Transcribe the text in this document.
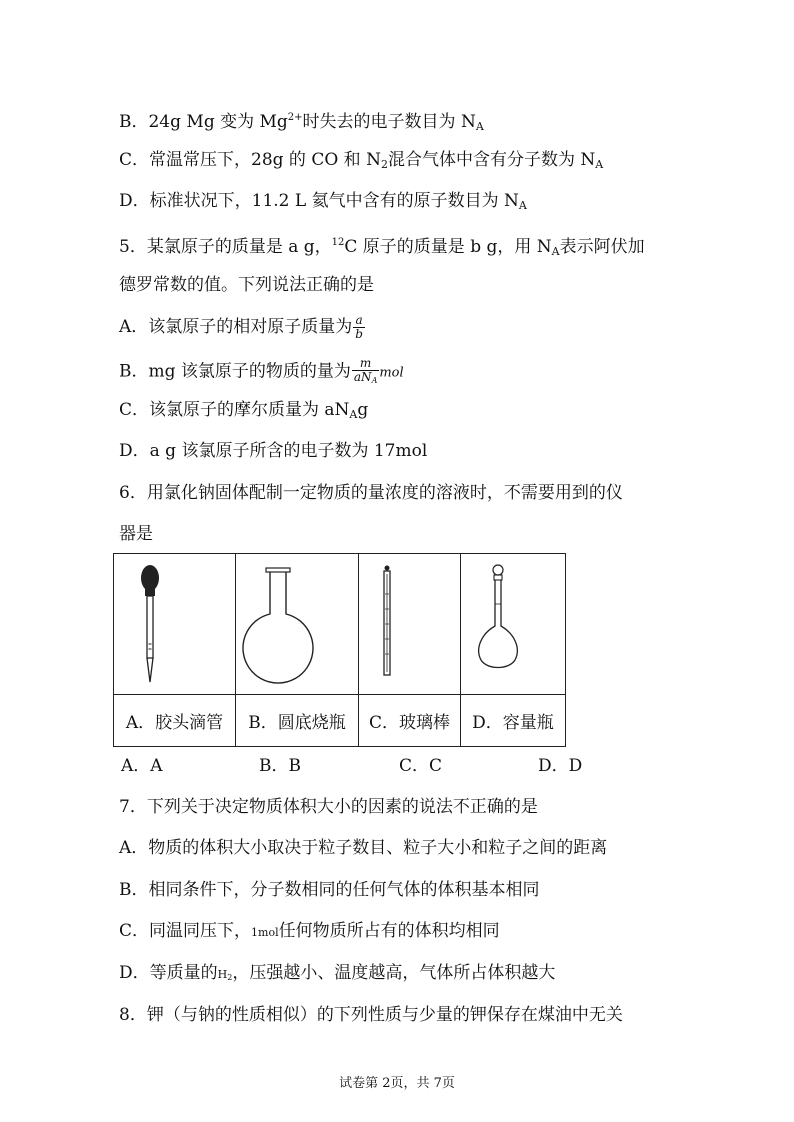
B．24g Mg 变为 $Mg^{2+}$时失去的电子数目为 $N_A$
C．常温常压下，28g 的 CO 和 $N_2$混合气体中含有分子数为 $N_A$
D．标准状况下，11.2 L 氦气中含有的原子数目为 $N_A$
5．某氯原子的质量是 a g，$^{12}$C 原子的质量是 b g，用 $N_A$表示阿伏加
德罗常数的值。下列说法正确的是
A．该氯原子的相对原子质量为 $\frac{a}{b}$
B．mg 该氯原子的物质的量为 $\frac{m}{\text{aNA}}$ mol
C．该氯原子的摩尔质量为 $aN_Ag$
D．a g 该氯原子所含的电子数为 17mol
6．用氯化钠固体配制一定物质的量浓度的溶液时，不需要用到的仪
器是

A．胶头滴管	B．圆底烧瓶	C．玻璃棒	D．容量瓶
A．A	B．B	C．C	D．D
7．下列关于决定物质体积大小的因素的说法不正确的是
A．物质的体积大小取决于粒子数目、粒子大小和粒子之间的距离
B．相同条件下，分子数相同的任何气体的体积基本相同
C．同温同压下，1mol任何物质所占有的体积均相同
D．等质量的H2，压强越小、温度越高，气体所占体积越大
8．钾（与钠的性质相似）的下列性质与少量的钾保存在煤油中无关
试卷第 2页，共 7页
